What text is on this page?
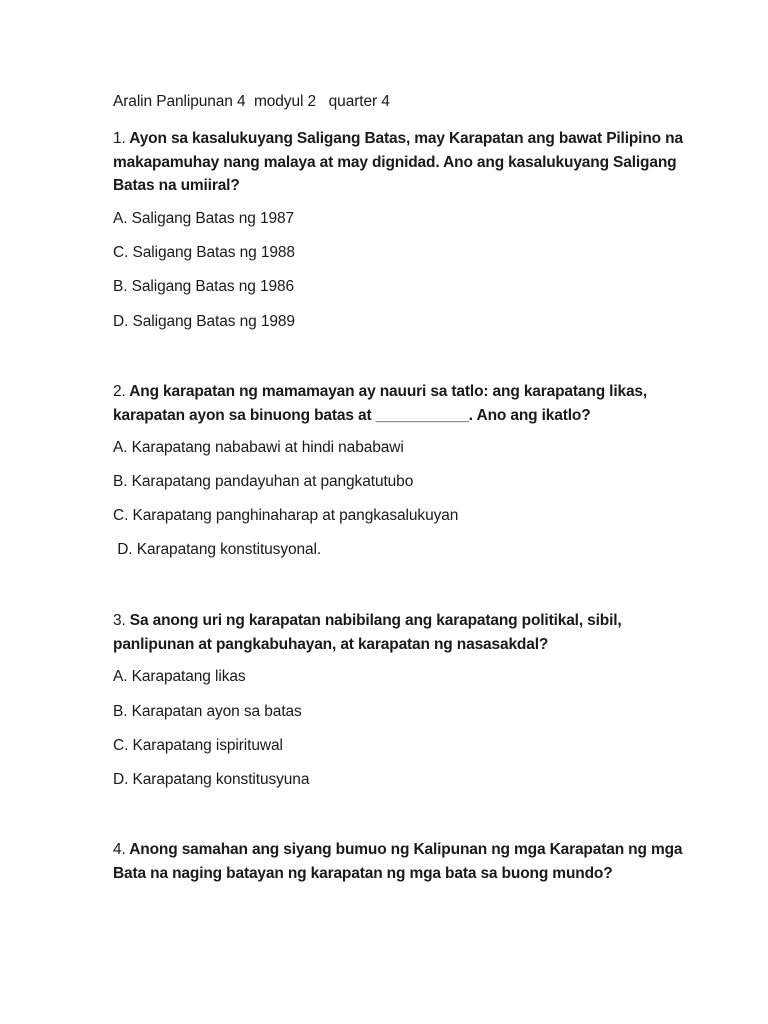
Aralin Panlipunan 4  modyul 2   quarter 4
1. Ayon sa kasalukuyang Saligang Batas, may Karapatan ang bawat Pilipino na makapamuhay nang malaya at may dignidad. Ano ang kasalukuyang Saligang Batas na umiiral?
A. Saligang Batas ng 1987
C. Saligang Batas ng 1988
B. Saligang Batas ng 1986
D. Saligang Batas ng 1989
2. Ang karapatan ng mamamayan ay nauuri sa tatlo: ang karapatang likas, karapatan ayon sa binuong batas at ___________. Ano ang ikatlo?
A. Karapatang nababawi at hindi nababawi
B. Karapatang pandayuhan at pangkatutubo
C. Karapatang panghinaharap at pangkasalukuyan
D. Karapatang konstitusyonal.
3. Sa anong uri ng karapatan nabibilang ang karapatang politikal, sibil, panlipunan at pangkabuhayan, at karapatan ng nasasakdal?
A. Karapatang likas
B. Karapatan ayon sa batas
C. Karapatang ispirituwal
D. Karapatang konstitusyuna
4. Anong samahan ang siyang bumuo ng Kalipunan ng mga Karapatan ng mga Bata na naging batayan ng karapatan ng mga bata sa buong mundo?
